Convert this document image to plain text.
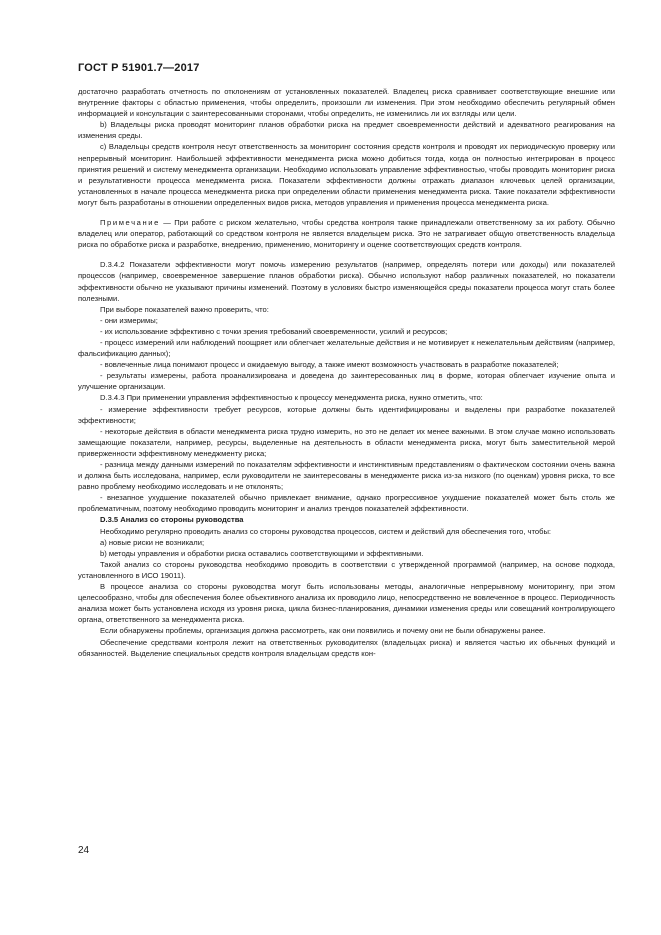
ГОСТ Р 51901.7—2017

достаточно разработать отчетность по отклонениям от установленных показателей. Владелец риска сравнивает соответствующие внешние или внутренние факторы с областью применения, чтобы определить, произошли ли изменения. При этом необходимо обеспечить регулярный обмен информацией и консультации с заинтересованными сторонами, чтобы определить, не изменились ли их взгляды или цели.

b) Владельцы риска проводят мониторинг планов обработки риска на предмет своевременности действий и адекватного реагирования на изменения среды.

c) Владельцы средств контроля несут ответственность за мониторинг состояния средств контроля и проводят их периодическую проверку или непрерывный мониторинг. Наибольшей эффективности менеджмента риска можно добиться тогда, когда он полностью интегрирован в процесс принятия решений и систему менеджмента организации. Необходимо использовать управление эффективностью, чтобы проводить мониторинг риска и результативности процесса менеджмента риска. Показатели эффективности должны отражать диапазон ключевых целей организации, установленных в начале процесса менеджмента риска при определении области применения менеджмента риска. Такие показатели эффективности могут быть разработаны в отношении определенных видов риска, методов управления и применения процесса менеджмента риска.

Примечание — При работе с риском желательно, чтобы средства контроля также принадлежали ответственному за их работу. Обычно владелец или оператор, работающий со средством контроля не является владельцем риска. Это не затрагивает общую ответственность владельца риска по обработке риска и разработке, внедрению, применению, мониторингу и оценке соответствующих средств контроля.

D.3.4.2 Показатели эффективности могут помочь измерению результатов (например, определять потери или доходы) или показателей процессов (например, своевременное завершение планов обработки риска). Обычно используют набор различных показателей, но показатели эффективности обычно не указывают причины изменений. Поэтому в условиях быстро изменяющейся среды показатели процесса могут стать более полезными.

При выборе показателей важно проверить, что:

- они измеримы;

- их использование эффективно с точки зрения требований своевременности, усилий и ресурсов;

- процесс измерений или наблюдений поощряет или облегчает желательные действия и не мотивирует к нежелательным действиям (например, фальсификацию данных);

- вовлеченные лица понимают процесс и ожидаемую выгоду, а также имеют возможность участвовать в разработке показателей;

- результаты измерены, работа проанализирована и доведена до заинтересованных лиц в форме, которая облегчает изучение опыта и улучшение организации.

D.3.4.3 При применении управления эффективностью к процессу менеджмента риска, нужно отметить, что:

- измерение эффективности требует ресурсов, которые должны быть идентифицированы и выделены при разработке показателей эффективности;

- некоторые действия в области менеджмента риска трудно измерить, но это не делает их менее важными. В этом случае можно использовать замещающие показатели, например, ресурсы, выделенные на деятельность в области менеджмента риска, могут быть заместительной мерой приверженности эффективному менеджменту риска;

- разница между данными измерений по показателям эффективности и инстинктивным представлениям о фактическом состоянии очень важна и должна быть исследована, например, если руководители не заинтересованы в менеджменте риска из-за низкого (по оценкам) уровня риска, то все равно проблему необходимо исследовать и не отклонять;

- внезапное ухудшение показателей обычно привлекает внимание, однако прогрессивное ухудшение показателей может быть столь же проблематичным, поэтому необходимо проводить мониторинг и анализ трендов показателей эффективности.

D.3.5 Анализ со стороны руководства

Необходимо регулярно проводить анализ со стороны руководства процессов, систем и действий для обеспечения того, чтобы:

a) новые риски не возникали;

b) методы управления и обработки риска оставались соответствующими и эффективными.

Такой анализ со стороны руководства необходимо проводить в соответствии с утвержденной программой (например, на основе подхода, установленного в ИСО 19011).

В процессе анализа со стороны руководства могут быть использованы методы, аналогичные непрерывному мониторингу, при этом целесообразно, чтобы для обеспечения более объективного анализа их проводило лицо, непосредственно не вовлеченное в процесс. Периодичность анализа может быть установлена исходя из уровня риска, цикла бизнес-планирования, динамики изменения среды или совещаний контролирующего органа, ответственного за менеджмента риска.

Если обнаружены проблемы, организация должна рассмотреть, как они появились и почему они не были обнаружены ранее.

Обеспечение средствами контроля лежит на ответственных руководителях (владельцах риска) и является частью их обычных функций и обязанностей. Выделение специальных средств контроля владельцам средств кон-

24
